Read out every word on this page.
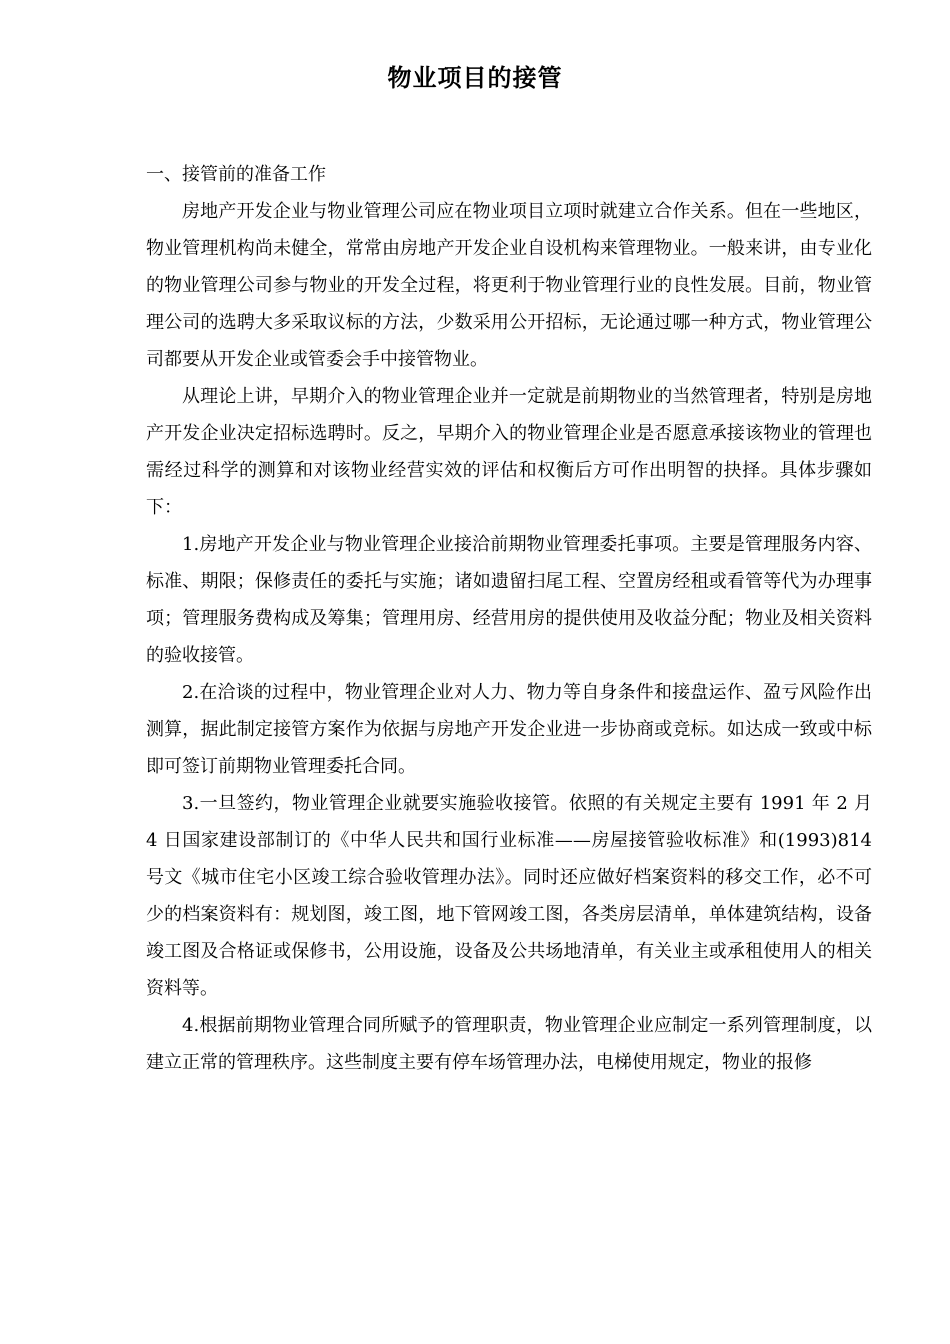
物业项目的接管

一、接管前的准备工作

房地产开发企业与物业管理公司应在物业项目立项时就建立合作关系。但在一些地区，物业管理机构尚未健全，常常由房地产开发企业自设机构来管理物业。一般来讲，由专业化的物业管理公司参与物业的开发全过程，将更利于物业管理行业的良性发展。目前，物业管理公司的选聘大多采取议标的方法，少数采用公开招标，无论通过哪一种方式，物业管理公司都要从开发企业或管委会手中接管物业。

从理论上讲，早期介入的物业管理企业并一定就是前期物业的当然管理者，特别是房地产开发企业决定招标选聘时。反之，早期介入的物业管理企业是否愿意承接该物业的管理也需经过科学的测算和对该物业经营实效的评估和权衡后方可作出明智的抉择。具体步骤如下：

1.房地产开发企业与物业管理企业接洽前期物业管理委托事项。主要是管理服务内容、标准、期限；保修责任的委托与实施；诸如遗留扫尾工程、空置房经租或看管等代为办理事项；管理服务费构成及筹集；管理用房、经营用房的提供使用及收益分配；物业及相关资料的验收接管。

2.在洽谈的过程中，物业管理企业对人力、物力等自身条件和接盘运作、盈亏风险作出测算，据此制定接管方案作为依据与房地产开发企业进一步协商或竞标。如达成一致或中标即可签订前期物业管理委托合同。

3.一旦签约，物业管理企业就要实施验收接管。依照的有关规定主要有 1991 年 2 月 4 日国家建设部制订的《中华人民共和国行业标准——房屋接管验收标准》和(1993)814 号文《城市住宅小区竣工综合验收管理办法》。同时还应做好档案资料的移交工作，必不可少的档案资料有：规划图，竣工图，地下管网竣工图，各类房层清单，单体建筑结构，设备竣工图及合格证或保修书，公用设施，设备及公共场地清单，有关业主或承租使用人的相关资料等。

4.根据前期物业管理合同所赋予的管理职责，物业管理企业应制定一系列管理制度，以建立正常的管理秩序。这些制度主要有停车场管理办法，电梯使用规定，物业的报修
